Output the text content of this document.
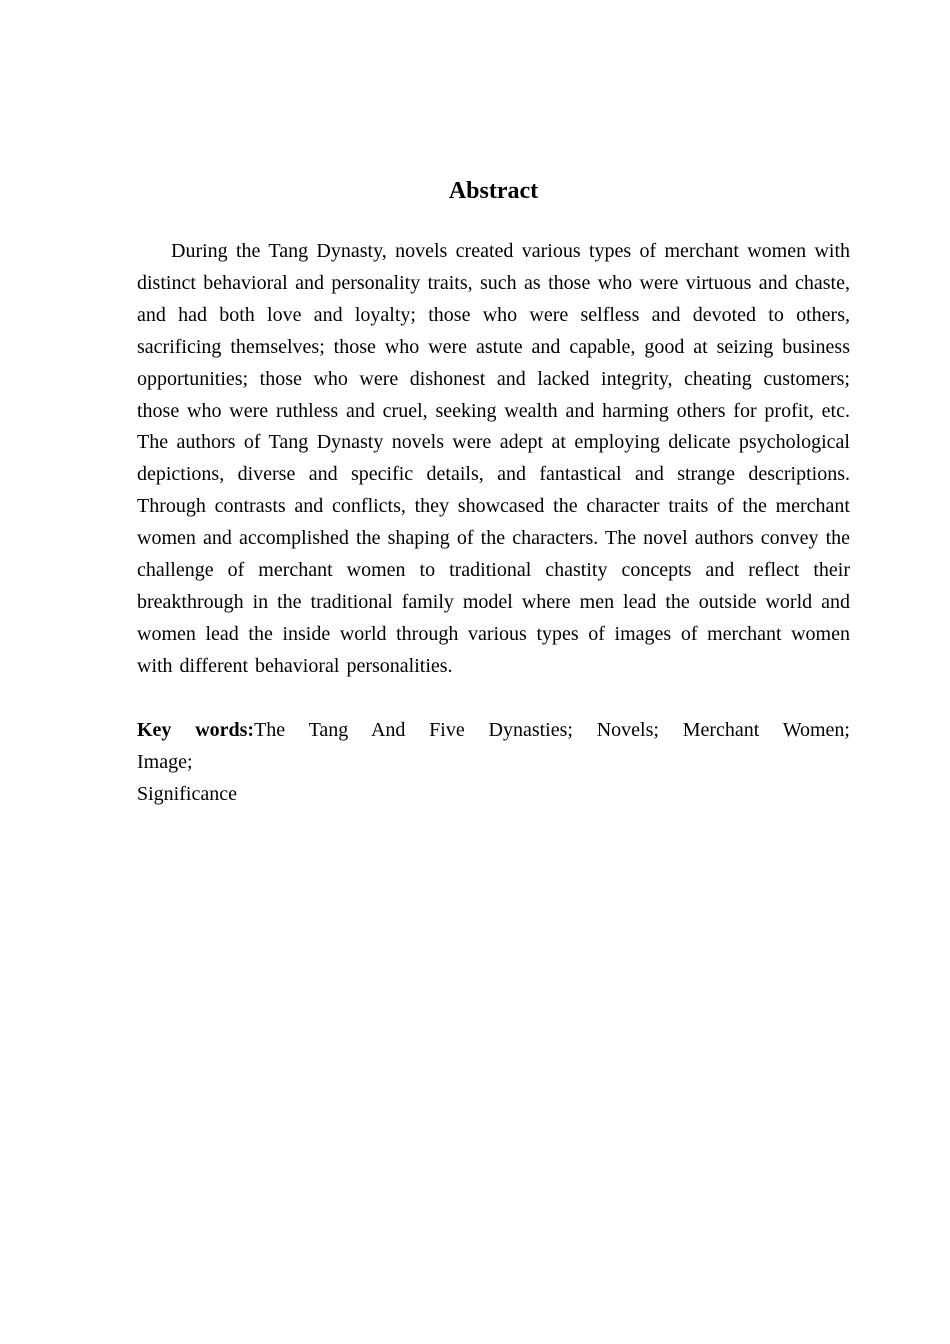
Abstract

During the Tang Dynasty, novels created various types of merchant women with distinct behavioral and personality traits, such as those who were virtuous and chaste, and had both love and loyalty; those who were selfless and devoted to others, sacrificing themselves; those who were astute and capable, good at seizing business opportunities; those who were dishonest and lacked integrity, cheating customers; those who were ruthless and cruel, seeking wealth and harming others for profit, etc. The authors of Tang Dynasty novels were adept at employing delicate psychological depictions, diverse and specific details, and fantastical and strange descriptions. Through contrasts and conflicts, they showcased the character traits of the merchant women and accomplished the shaping of the characters. The novel authors convey the challenge of merchant women to traditional chastity concepts and reflect their breakthrough in the traditional family model where men lead the outside world and women lead the inside world through various types of images of merchant women with different behavioral personalities.

Key words:The Tang And Five Dynasties; Novels; Merchant Women;
Image;
Significance
